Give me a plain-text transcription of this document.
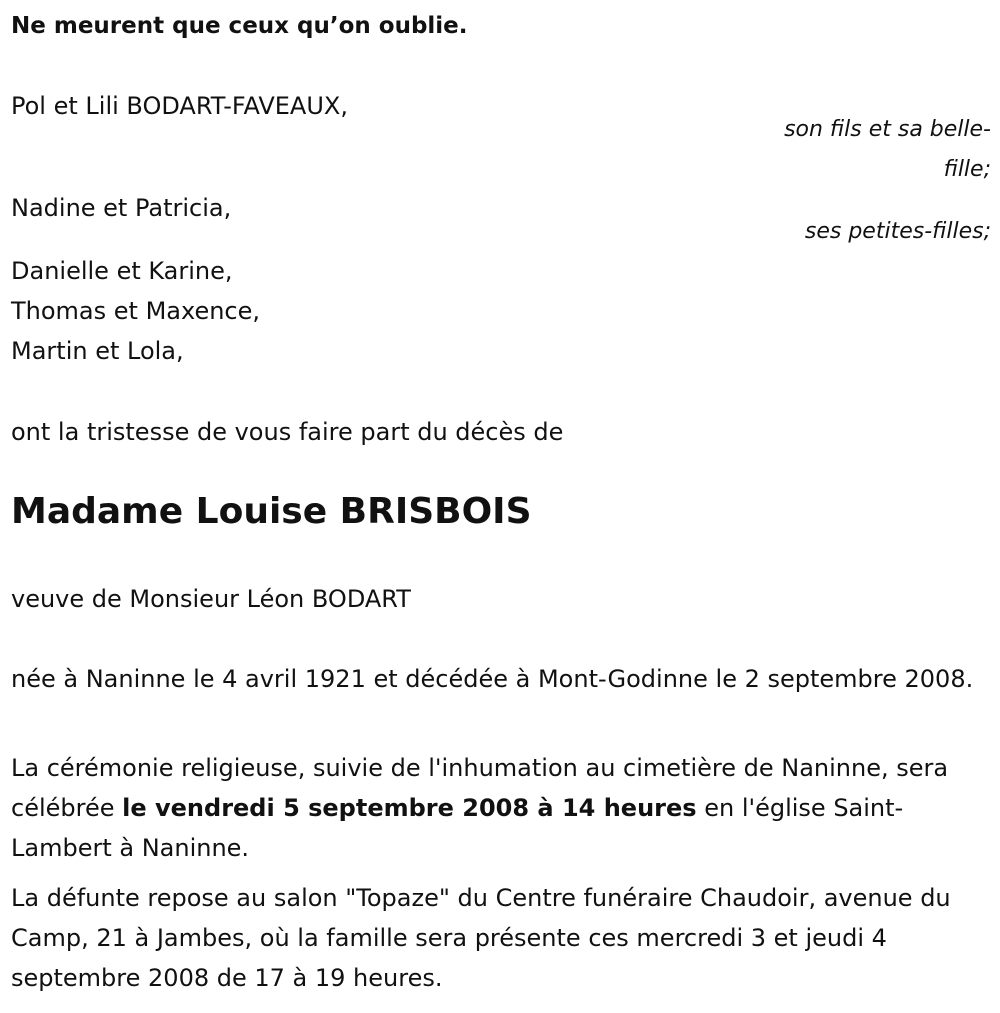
Ne meurent que ceux qu’on oublie.
Pol et Lili BODART-FAVEAUX,
son fils et sa belle-
fille;
Nadine et Patricia,
ses petites-filles;
Danielle et Karine,
Thomas et Maxence,
Martin et Lola,
ont la tristesse de vous faire part du décès de
Madame Louise BRISBOIS
veuve de Monsieur Léon BODART
née à Naninne le 4 avril 1921 et décédée à Mont-Godinne le 2 septembre 2008.
La cérémonie religieuse, suivie de l'inhumation au cimetière de Naninne, sera célébrée le vendredi 5 septembre 2008 à 14 heures en l'église Saint-Lambert à Naninne.
La défunte repose au salon "Topaze" du Centre funéraire Chaudoir, avenue du Camp, 21 à Jambes, où la famille sera présente ces mercredi 3 et jeudi 4 septembre 2008 de 17 à 19 heures.
